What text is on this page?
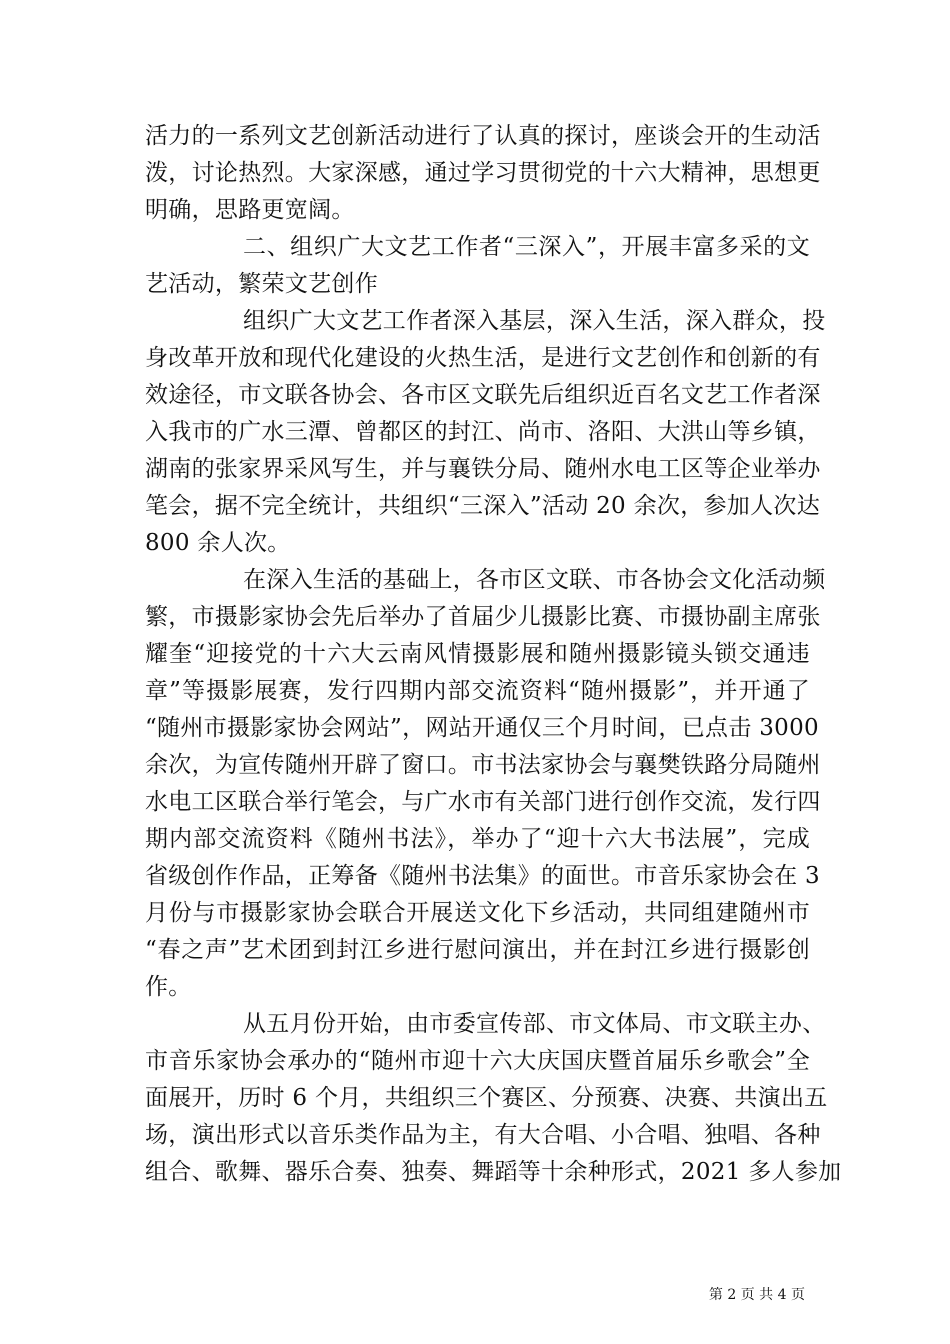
活力的一系列文艺创新活动进行了认真的探讨，座谈会开的生动活
泼，讨论热烈。大家深感，通过学习贯彻党的十六大精神，思想更
明确，思路更宽阔。
二、组织广大文艺工作者“三深入”，开展丰富多采的文
艺活动，繁荣文艺创作
组织广大文艺工作者深入基层，深入生活，深入群众，投
身改革开放和现代化建设的火热生活，是进行文艺创作和创新的有
效途径，市文联各协会、各市区文联先后组织近百名文艺工作者深
入我市的广水三潭、曾都区的封江、尚市、洛阳、大洪山等乡镇，
湖南的张家界采风写生，并与襄铁分局、随州水电工区等企业举办
笔会，据不完全统计，共组织“三深入”活动 20 余次，参加人次达
800 余人次。
在深入生活的基础上，各市区文联、市各协会文化活动频
繁，市摄影家协会先后举办了首届少儿摄影比赛、市摄协副主席张
耀奎“迎接党的十六大云南风情摄影展和随州摄影镜头锁交通违
章”等摄影展赛，发行四期内部交流资料“随州摄影”，并开通了
“随州市摄影家协会网站”，网站开通仅三个月时间，已点击 3000
余次，为宣传随州开辟了窗口。市书法家协会与襄樊铁路分局随州
水电工区联合举行笔会，与广水市有关部门进行创作交流，发行四
期内部交流资料《随州书法》，举办了“迎十六大书法展”，完成
省级创作作品，正筹备《随州书法集》的面世。市音乐家协会在 3
月份与市摄影家协会联合开展送文化下乡活动，共同组建随州市
“春之声”艺术团到封江乡进行慰问演出，并在封江乡进行摄影创
作。
从五月份开始，由市委宣传部、市文体局、市文联主办、
市音乐家协会承办的“随州市迎十六大庆国庆暨首届乐乡歌会”全
面展开，历时 6 个月，共组织三个赛区、分预赛、决赛、共演出五
场，演出形式以音乐类作品为主，有大合唱、小合唱、独唱、各种
组合、歌舞、器乐合奏、独奏、舞蹈等十余种形式，2021 多人参加
第 2 页 共 4 页
